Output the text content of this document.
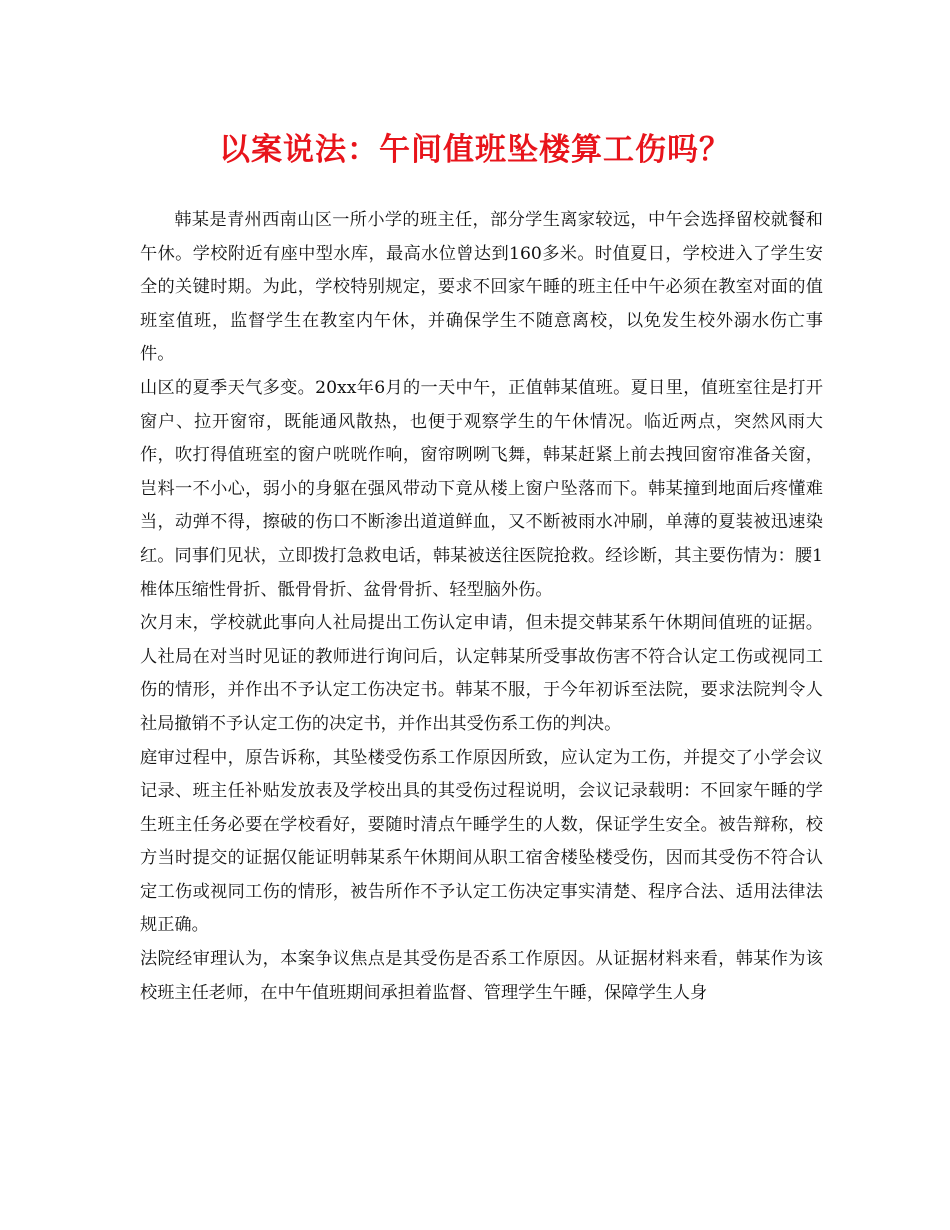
以案说法：午间值班坠楼算工伤吗？

韩某是青州西南山区一所小学的班主任，部分学生离家较远，中午会选择留校就餐和午休。学校附近有座中型水库，最高水位曾达到160多米。时值夏日，学校进入了学生安全的关键时期。为此，学校特别规定，要求不回家午睡的班主任中午必须在教室对面的值班室值班，监督学生在教室内午休，并确保学生不随意离校，以免发生校外溺水伤亡事件。

山区的夏季天气多变。20xx年6月的一天中午，正值韩某值班。夏日里，值班室往是打开窗户、拉开窗帘，既能通风散热，也便于观察学生的午休情况。临近两点，突然风雨大作，吹打得值班室的窗户咣咣作响，窗帘咧咧飞舞，韩某赶紧上前去拽回窗帘准备关窗，岂料一不小心，弱小的身躯在强风带动下竟从楼上窗户坠落而下。韩某撞到地面后疼懂难当，动弹不得，擦破的伤口不断渗出道道鲜血，又不断被雨水冲刷，单薄的夏装被迅速染红。同事们见状，立即拨打急救电话，韩某被送往医院抢救。经诊断，其主要伤情为：腰1椎体压缩性骨折、骶骨骨折、盆骨骨折、轻型脑外伤。

次月末，学校就此事向人社局提出工伤认定申请，但未提交韩某系午休期间值班的证据。人社局在对当时见证的教师进行询问后，认定韩某所受事故伤害不符合认定工伤或视同工伤的情形，并作出不予认定工伤决定书。韩某不服，于今年初诉至法院，要求法院判令人社局撤销不予认定工伤的决定书，并作出其受伤系工伤的判决。

庭审过程中，原告诉称，其坠楼受伤系工作原因所致，应认定为工伤，并提交了小学会议记录、班主任补贴发放表及学校出具的其受伤过程说明，会议记录载明：不回家午睡的学生班主任务必要在学校看好，要随时清点午睡学生的人数，保证学生安全。被告辩称，校方当时提交的证据仅能证明韩某系午休期间从职工宿舍楼坠楼受伤，因而其受伤不符合认定工伤或视同工伤的情形，被告所作不予认定工伤决定事实清楚、程序合法、适用法律法规正确。

法院经审理认为，本案争议焦点是其受伤是否系工作原因。从证据材料来看，韩某作为该校班主任老师，在中午值班期间承担着监督、管理学生午睡，保障学生人身
